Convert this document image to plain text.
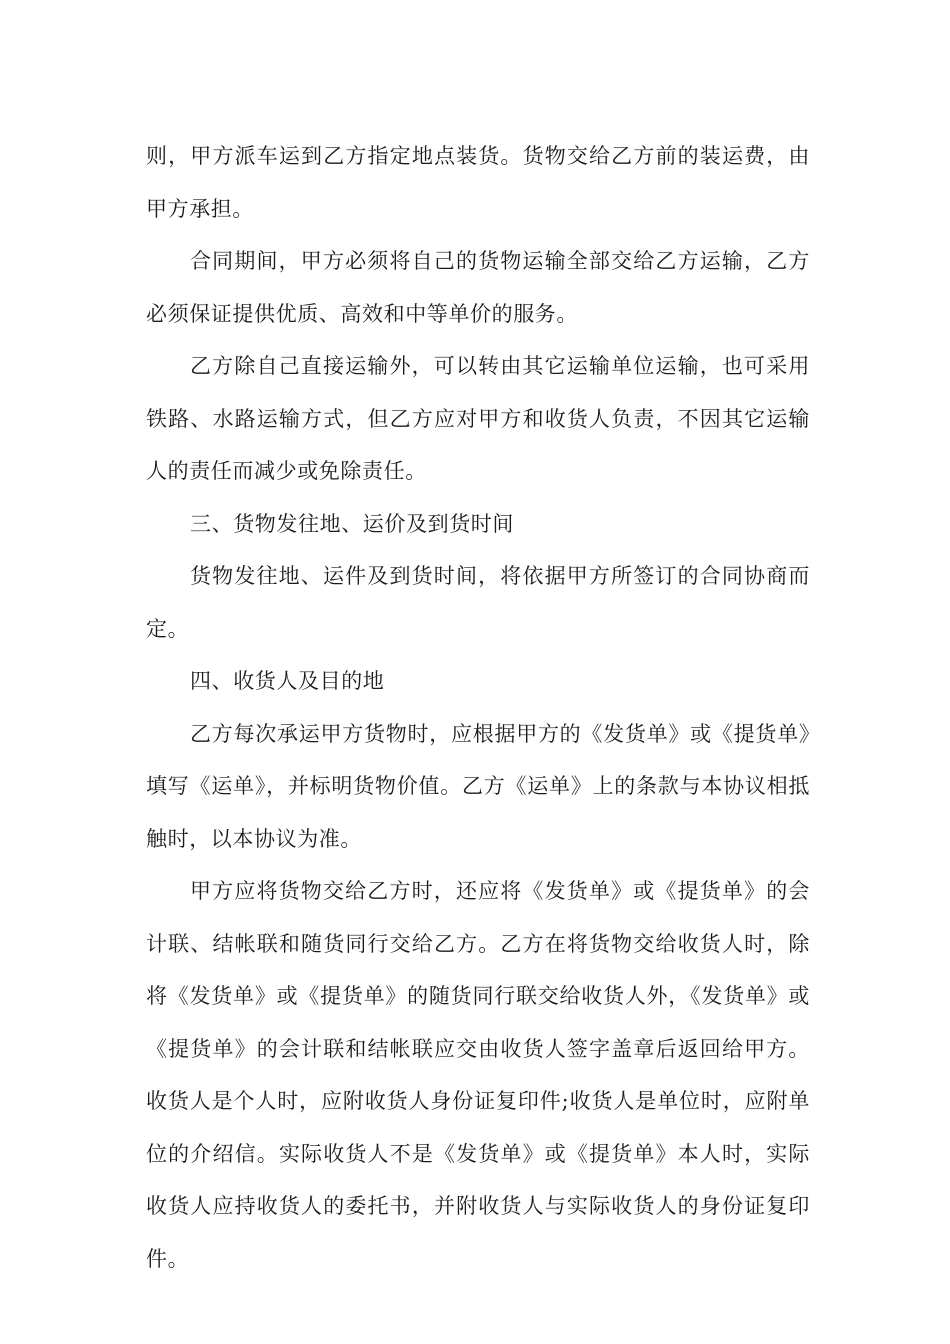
则，甲方派车运到乙方指定地点装货。货物交给乙方前的装运费，由甲方承担。

合同期间，甲方必须将自己的货物运输全部交给乙方运输，乙方必须保证提供优质、高效和中等单价的服务。

乙方除自己直接运输外，可以转由其它运输单位运输，也可采用铁路、水路运输方式，但乙方应对甲方和收货人负责，不因其它运输人的责任而减少或免除责任。

三、货物发往地、运价及到货时间

货物发往地、运件及到货时间，将依据甲方所签订的合同协商而定。

四、收货人及目的地

乙方每次承运甲方货物时，应根据甲方的《发货单》或《提货单》填写《运单》，并标明货物价值。乙方《运单》上的条款与本协议相抵触时，以本协议为准。

甲方应将货物交给乙方时，还应将《发货单》或《提货单》的会计联、结帐联和随货同行交给乙方。乙方在将货物交给收货人时，除将《发货单》或《提货单》的随货同行联交给收货人外，《发货单》或《提货单》的会计联和结帐联应交由收货人签字盖章后返回给甲方。收货人是个人时，应附收货人身份证复印件;收货人是单位时，应附单位的介绍信。实际收货人不是《发货单》或《提货单》本人时，实际收货人应持收货人的委托书，并附收货人与实际收货人的身份证复印件。
